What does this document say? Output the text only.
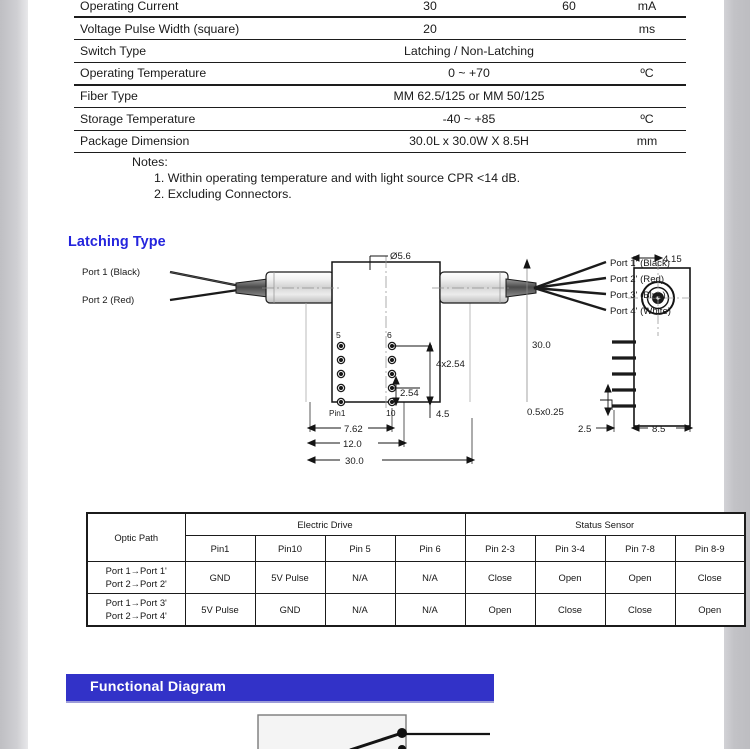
Operating Current	30	60	mA
Voltage Pulse Width (square)	20		ms
Switch Type	Latching / Non-Latching		
Operating Temperature	0 ~ +70		ºC
Fiber Type	MM 62.5/125 or MM 50/125		
Storage Temperature	-40 ~ +85		ºC
Package Dimension	30.0L x 30.0W X 8.5H		mm
Notes:
1. Within operating temperature and with light source CPR <14 dB.
2. Excluding Connectors.
Latching Type
Port 1 (Black)
Port 2 (Red)
Port 1' (Black)
Port 2' (Red)
Port 3' (Blue)
Port 4' (White)
Ø5.6
30.0
4x2.54
2.54
4.5
7.62
12.0
30.0
4.15
0.5x0.25
2.5	8.5
5	6
Pin1	10
Optic Path	Electric Drive				Status Sensor			
	Pin1	Pin10	Pin 5	Pin 6	Pin 2-3	Pin 3-4	Pin 7-8	Pin 8-9

Port 1→Port 1'
Port 2→Port 2'	GND	5V Pulse	N/A	N/A	Close	Open	Open	Close

Port 1→Port 3'
Port 2→Port 4'	5V Pulse	GND	N/A	N/A	Open	Close	Close	Open
Functional Diagram
